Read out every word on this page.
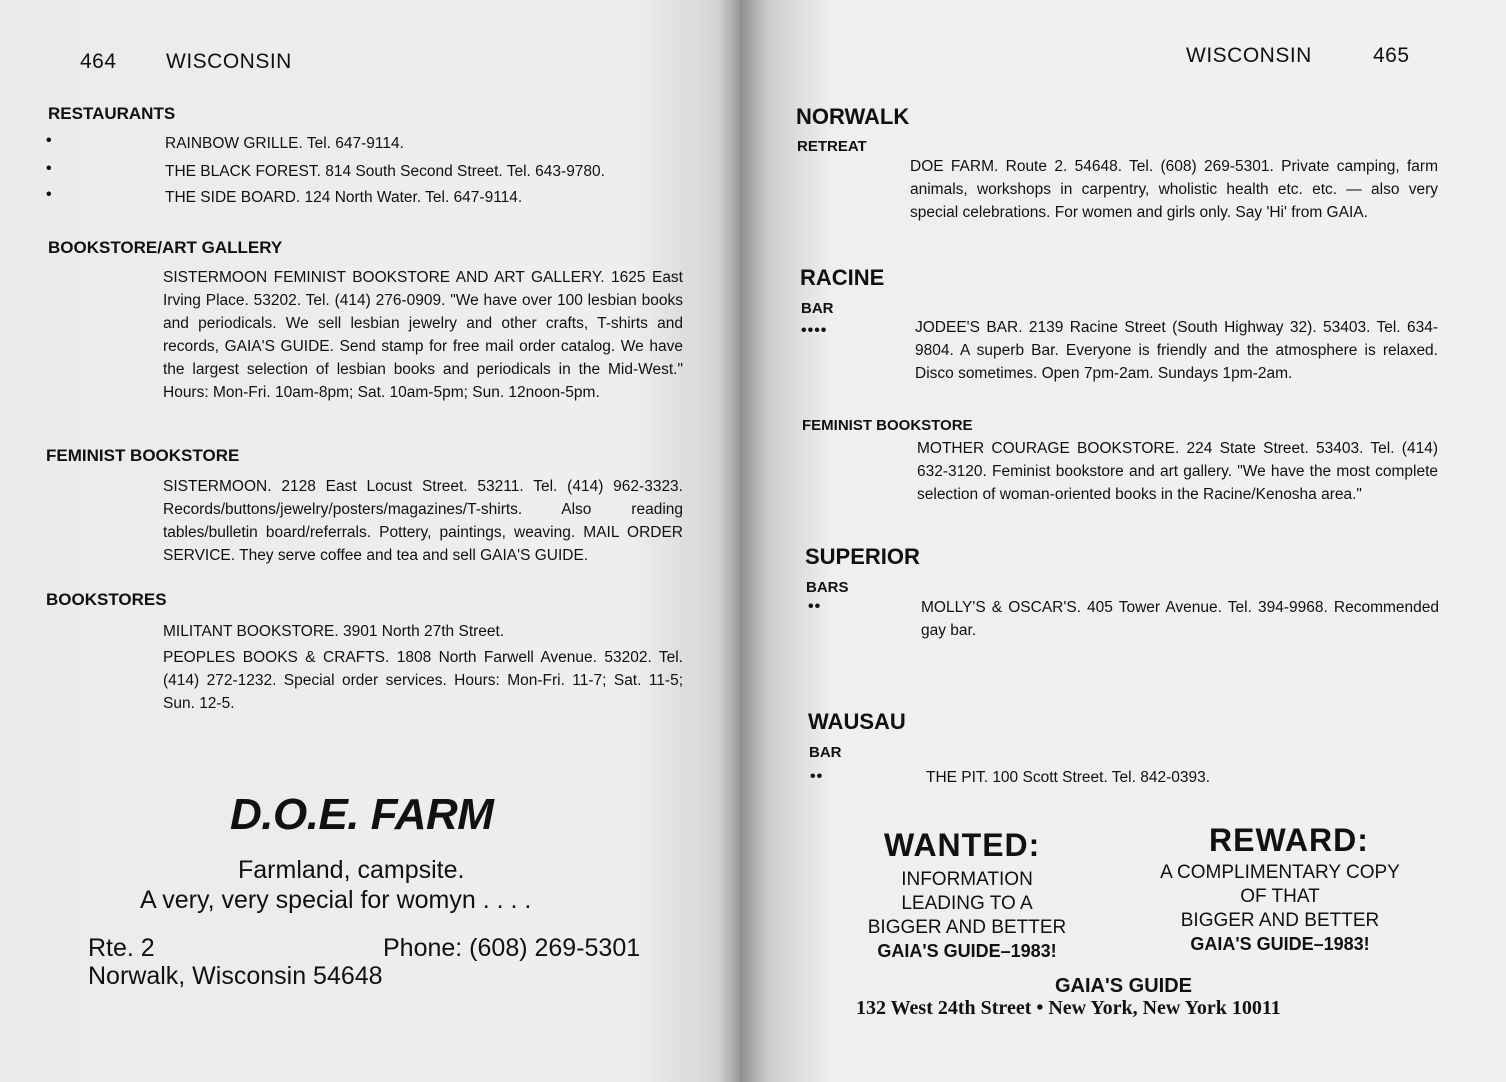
464 WISCONSIN
RESTAURANTS
•	RAINBOW GRILLE. Tel. 647-9114.
•	THE BLACK FOREST. 814 South Second Street. Tel. 643-9780.
•	THE SIDE BOARD. 124 North Water. Tel. 647-9114.
BOOKSTORE/ART GALLERY
SISTERMOON FEMINIST BOOKSTORE AND ART GALLERY. 1625 East Irving Place. 53202. Tel. (414) 276-0909. "We have over 100 lesbian books and periodicals. We sell lesbian jewelry and other crafts, T-shirts and records, GAIA'S GUIDE. Send stamp for free mail order catalog. We have the largest selection of lesbian books and periodicals in the Mid-West." Hours: Mon-Fri. 10am-8pm; Sat. 10am-5pm; Sun. 12noon-5pm.
FEMINIST BOOKSTORE
SISTERMOON. 2128 East Locust Street. 53211. Tel. (414) 962-3323. Records/buttons/jewelry/posters/magazines/T-shirts. Also reading tables/bulletin board/referrals. Pottery, paintings, weaving. MAIL ORDER SERVICE. They serve coffee and tea and sell GAIA'S GUIDE.
BOOKSTORES
MILITANT BOOKSTORE. 3901 North 27th Street.
PEOPLES BOOKS & CRAFTS. 1808 North Farwell Avenue. 53202. Tel. (414) 272-1232. Special order services. Hours: Mon-Fri. 11-7; Sat. 11-5; Sun. 12-5.
D.O.E. FARM
Farmland, campsite.
A very, very special for womyn . . . .
Rte. 2	Phone: (608) 269-5301
Norwalk, Wisconsin 54648
WISCONSIN	465
NORWALK
RETREAT
DOE FARM. Route 2. 54648. Tel. (608) 269-5301. Private camping, farm animals, workshops in carpentry, wholistic health etc. etc. — also very special celebrations. For women and girls only. Say 'Hi' from GAIA.
RACINE
BAR
••••	JODEE'S BAR. 2139 Racine Street (South Highway 32). 53403. Tel. 634-9804. A superb Bar. Everyone is friendly and the atmosphere is relaxed. Disco sometimes. Open 7pm-2am. Sundays 1pm-2am.
FEMINIST BOOKSTORE
MOTHER COURAGE BOOKSTORE. 224 State Street. 53403. Tel. (414) 632-3120. Feminist bookstore and art gallery. "We have the most complete selection of woman-oriented books in the Racine/Kenosha area."
SUPERIOR
BARS
••	MOLLY'S & OSCAR'S. 405 Tower Avenue. Tel. 394-9968. Recommended gay bar.
WAUSAU
BAR
••	THE PIT. 100 Scott Street. Tel. 842-0393.
WANTED:
INFORMATION
LEADING TO A
BIGGER AND BETTER
GAIA'S GUIDE–1983!
REWARD:
A COMPLIMENTARY COPY
OF THAT
BIGGER AND BETTER
GAIA'S GUIDE–1983!
GAIA'S GUIDE
132 West 24th Street • New York, New York 10011
